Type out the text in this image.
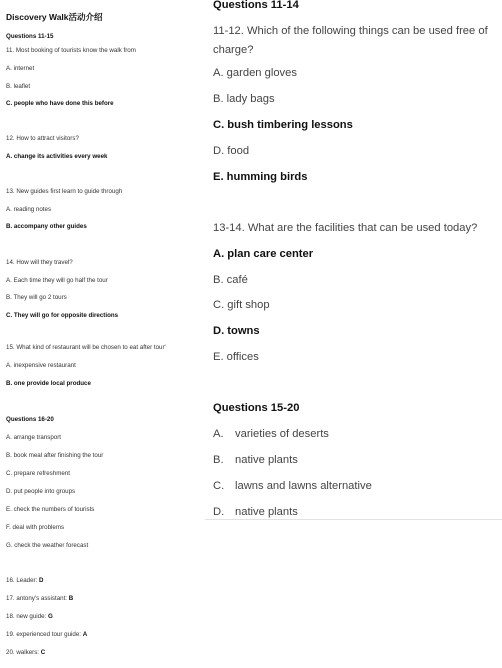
Discovery Walk活动介绍
Questions 11-15
11. Most booking of tourists know the walk from
A. internet
B. leaflet
C. people who have done this before
12. How to attract visitors?
A. change its activities every week
13. New guides first learn to guide through
A. reading notes
B. accompany other guides
14. How will they travel?
A. Each time they will go half the tour
B. They will go 2 tours
C. They will go for opposite directions
15. What kind of restaurant will be chosen to eat after tour'
A. inexpensive restaurant
B. one provide local produce
Questions 16-20
A. arrange transport
B. book meal after finishing the tour
C. prepare refreshment
D. put people into groups
E. check the numbers of tourists
F. deal with problems
G. check the weather forecast
16. Leader: D
17. antony's assistant: B
18. new guide: G
19. experienced tour guide: A
20. walkers: C
Questions 11-14
11-12. Which of the following things can be used free of charge?
A. garden gloves
B. lady bags
C. bush timbering lessons
D. food
E. humming birds
13-14. What are the facilities that can be used today?
A. plan care center
B. café
C. gift shop
D. towns
E. offices
Questions 15-20
A. varieties of deserts
B. native plants
C. lawns and lawns alternative
D. native plants
